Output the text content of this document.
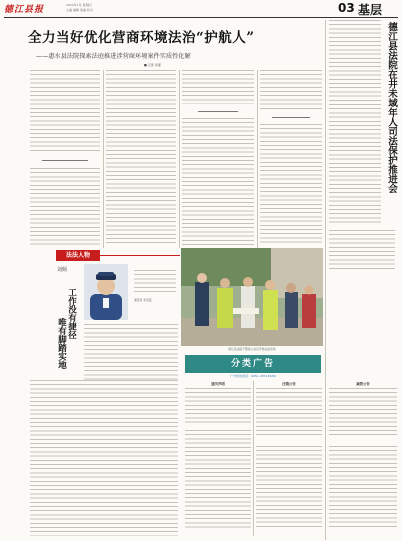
德江县报	2022年1月 星期四
主编 编辑 美编 校对	03 基层
全力当好优化营商环境法治“护航人”
——惠水县法院探索法庭推进涉营商环境案件实质性化解
■ 记者 李强	德江县法院在井未域年人司法保护推进会
德江县法院干警深入社区开展法治宣传
法法人物
刘倾
工作没有捷径
唯有脚踏实地
通讯员 李宣蓝
分类广告
广告热线电话：0851-2851XXXX
遗失声明	注销公告	减资公告
